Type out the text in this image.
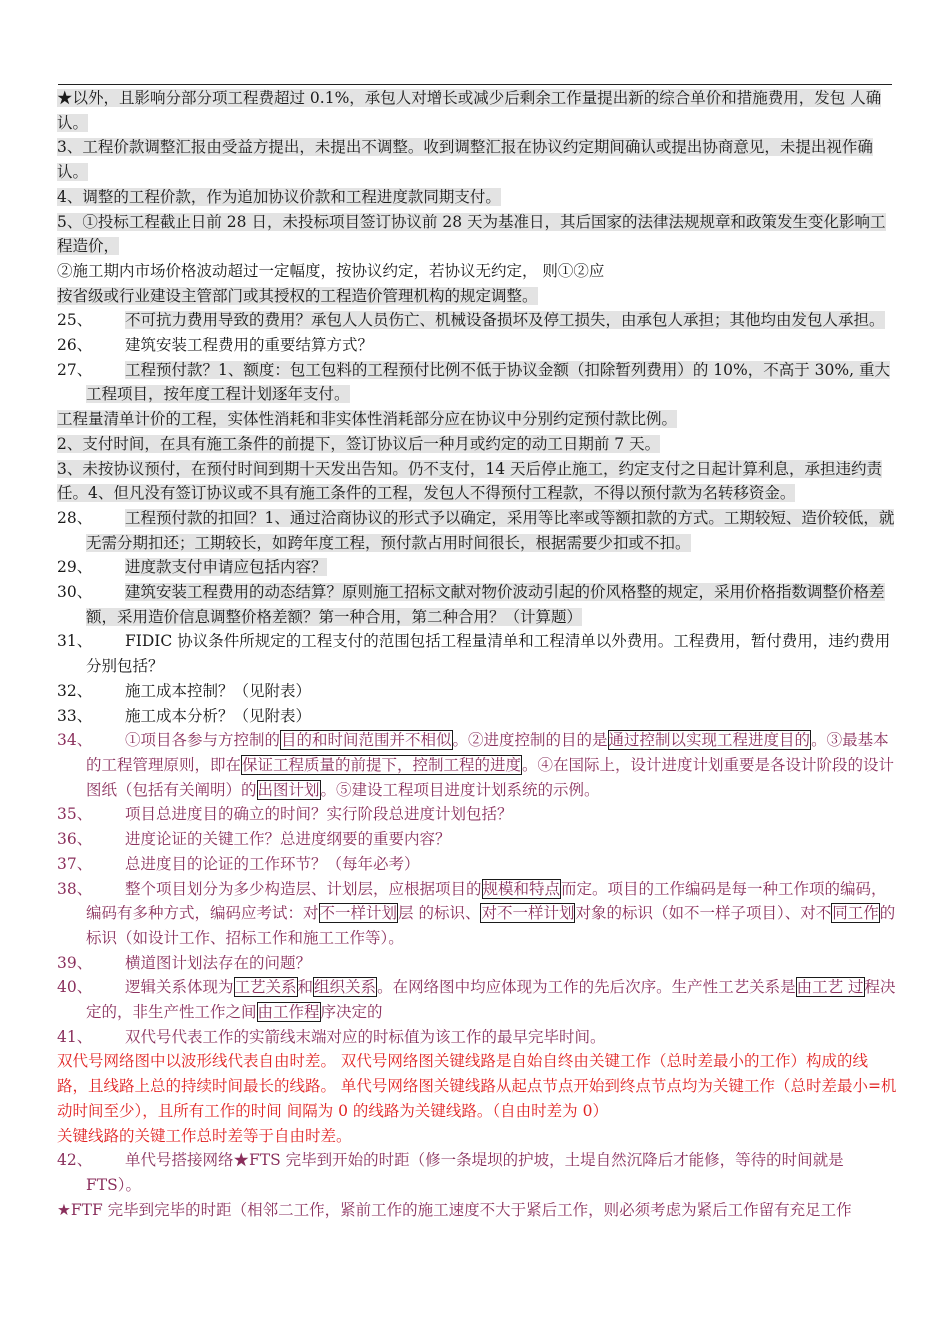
★以外，且影响分部分项工程费超过 0.1%，承包人对增长或减少后剩余工作量提出新的综合单价和措施费用，发包 人确认。

3、工程价款调整汇报由受益方提出，未提出不调整。收到调整汇报在协议约定期间确认或提出协商意见，未提出视作确认。

4、调整的工程价款，作为追加协议价款和工程进度款同期支付。

5、①投标工程截止日前 28 日，未投标项目签订协议前 28 天为基准日，其后国家的法律法规规章和政策发生变化影响工程造价，

②施工期内市场价格波动超过一定幅度，按协议约定，若协议无约定， 则①②应

按省级或行业建设主管部门或其授权的工程造价管理机构的规定调整。

25、 不可抗力费用导致的费用？承包人人员伤亡、机械设备损坏及停工损失，由承包人承担；其他均由发包人承担。

26、 建筑安装工程费用的重要结算方式？

27、 工程预付款？1、额度：包工包料的工程预付比例不低于协议金额（扣除暂列费用）的 10%，不高于 30%, 重大工程项目，按年度工程计划逐年支付。

工程量清单计价的工程，实体性消耗和非实体性消耗部分应在协议中分别约定预付款比例。

2、支付时间，在具有施工条件的前提下，签订协议后一种月或约定的动工日期前 7 天。

3、未按协议预付，在预付时间到期十天发出告知。仍不支付，14 天后停止施工，约定支付之日起计算利息，承担违约责任。4、但凡没有签订协议或不具有施工条件的工程，发包人不得预付工程款，不得以预付款为名转移资金。

28、 工程预付款的扣回？1、通过洽商协议的形式予以确定，采用等比率或等额扣款的方式。工期较短、造价较低，就无需分期扣还；工期较长，如跨年度工程，预付款占用时间很长，根据需要少扣或不扣。

29、 进度款支付申请应包括内容？

30、 建筑安装工程费用的动态结算？原则施工招标文献对物价波动引起的价风格整的规定，采用价格指数调整价格差额，采用造价信息调整价格差额？第一种合用，第二种合用？（计算题）

31、 FIDIC 协议条件所规定的工程支付的范围包括工程量清单和工程清单以外费用。工程费用，暂付费用，违约费用分别包括？

32、 施工成本控制？（见附表）

33、 施工成本分析？（见附表）

34、 ①项目各参与方控制的目的和时间范围并不相似。②进度控制的目的是通过控制以实现工程进度目的。③最基本的工程管理原则，即在保证工程质量的前提下，控制工程的进度。④在国际上，设计进度计划重要是各设计阶段的设计图纸（包括有关阐明）的出图计划。⑤建设工程项目进度计划系统的示例。

35、 项目总进度目的确立的时间？实行阶段总进度计划包括？

36、 进度论证的关键工作？总进度纲要的重要内容？

37、 总进度目的论证的工作环节？（每年必考）

38、 整个项目划分为多少构造层、计划层，应根据项目的规模和特点而定。项目的工作编码是每一种工作项的编码，编码有多种方式，编码应考试：对不一样计划层 的标识、对不一样计划对象的标识（如不一样子项目）、对不同工作的标识（如设计工作、招标工作和施工工作等）。

39、 横道图计划法存在的问题？

40、 逻辑关系体现为工艺关系和组织关系。在网络图中均应体现为工作的先后次序。生产性工艺关系是由工艺 过程决定的，非生产性工作之间由工作程序决定的

41、 双代号代表工作的实箭线末端对应的时标值为该工作的最早完毕时间。

双代号网络图中以波形线代表自由时差。 双代号网络图关键线路是自始自终由关键工作（总时差最小的工作）构成的线路，且线路上总的持续时间最长的线路。 单代号网络图关键线路从起点节点开始到终点节点均为关键工作（总时差最小=机动时间至少），且所有工作的时间 间隔为 0 的线路为关键线路。（自由时差为 0）

关键线路的关键工作总时差等于自由时差。

42、 单代号搭接网络★FTS 完毕到开始的时距（修一条堤坝的护坡，土堤自然沉降后才能修，等待的时间就是 FTS）。

★FTF 完毕到完毕的时距（相邻二工作，紧前工作的施工速度不大于紧后工作，则必须考虑为紧后工作留有充足工作
